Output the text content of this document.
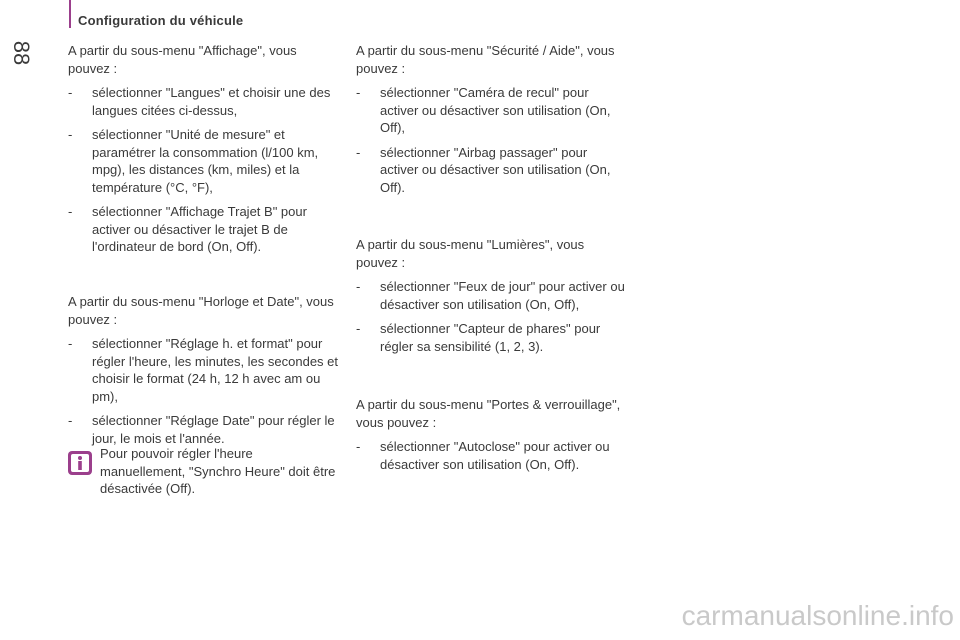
88
Configuration du véhicule

A partir du sous-menu "Affichage", vous pouvez :

- sélectionner "Langues" et choisir une des langues citées ci-dessus,
- sélectionner "Unité de mesure" et paramétrer la consommation (l/100 km, mpg), les distances (km, miles) et la température (°C, °F),
- sélectionner "Affichage Trajet B" pour activer ou désactiver le trajet B de l'ordinateur de bord (On, Off).

A partir du sous-menu "Horloge et Date", vous pouvez :

- sélectionner "Réglage h. et format" pour régler l'heure, les minutes, les secondes et choisir le format (24 h, 12 h avec am ou pm),
- sélectionner "Réglage Date" pour régler le jour, le mois et l'année.
Pour pouvoir régler l'heure manuellement, "Synchro Heure" doit être désactivée (Off).

A partir du sous-menu "Sécurité / Aide", vous pouvez :

- sélectionner "Caméra de recul" pour activer ou désactiver son utilisation (On, Off),
- sélectionner "Airbag passager" pour activer ou désactiver son utilisation (On, Off).

A partir du sous-menu "Lumières", vous pouvez :

- sélectionner "Feux de jour" pour activer ou désactiver son utilisation (On, Off),
- sélectionner "Capteur de phares" pour régler sa sensibilité (1, 2, 3).

A partir du sous-menu "Portes & verrouillage", vous pouvez :

- sélectionner "Autoclose" pour activer ou désactiver son utilisation (On, Off).
carmanualsonline.info
